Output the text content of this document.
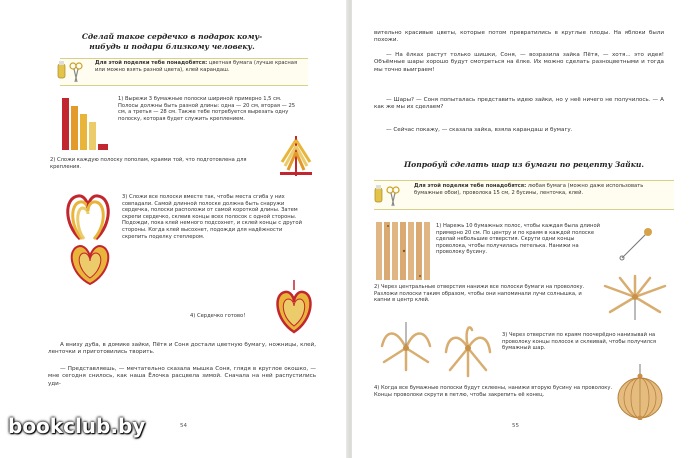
Сделай такое сердечко в подарок кому-нибудь и подари близкому человеку.
Для этой поделки тебе понадобятся: цветная бумага (лучше красная или можно взять разной цвета), клей карандаш.
1) Вырежи 3 бумажные полоски шириной примерно 1,5 см. Полосы должны быть разной длины: одна — 20 см, вторая — 25 см, а третья — 28 см. Также тебе потребуется вырезать одну полоску, которая будет служить креплением.
2) Сложи каждую полоску пополам, краями той, что подготовлена для крепления.
3) Сложи все полоски вместе так, чтобы места сгиба у них совпадали. Самой длинной полоске должна быть снаружи сердечка, полоски расположи от самой короткой длины. Затем скрепи сердечко, склеив концы всех полосок с одной стороны. Подожди, пока клей немного подсохнет, и склей концы с другой стороны. Когда клей высохнет, подожди для надёжности скрепить поделку степлером.
4) Сердечко готово!
А внизу дуба, в домике зайки, Пётя и Соня достали цветную бумагу, ножницы, клей, ленточки и приготовились творить.
— Представляешь, — мечтательно сказала мышка Соня, глядя в круглое окошко, — мне сегодня снилось, как наша Ёлочка расцвела зимой. Сначала на ней распустились уди-
54
вительно красивые цветы, которые потом превратились в круглые плоды. На яблоки были похожи.
— На ёлках растут только шишки, Соня, — возразила зайка Пётя, — хотя... это идея! Объёмные шары хорошо будут смотреться на ёлке. Их можно сделать разноцветными и тогда мы точно выиграем!
— Шары? — Соня попыталась представить идею зайки, но у неё ничего не получилось. — А как же мы их сделаем?
— Сейчас покажу, — сказала зайка, взяла карандаш и бумагу.
Попробуй сделать шар из бумаги по рецепту Зайки.
Для этой поделки тебе понадобятся: любая бумага (можно даже использовать бумажные обои), проволока 15 см, 2 бусины, ленточка, клей.
1) Нарежь 10 бумажных полос, чтобы каждая была длиной примерно 20 см. По центру и по краям в каждой полоске сделай небольшие отверстия. Скрути одни концы проволока, чтобы получилась петелька. Нанижи на проволоку бусину.
2) Через центральные отверстия нанижи все полоски бумаги на проволоку. Разложи полоски таким образом, чтобы они напоминали лучи солнышка, и капни в центр клей.
3) Через отверстия по краям поочерёдно нанизывай на проволоку концы полосок и склеивай, чтобы получился бумажный шар.
4) Когда все бумажные полоски будут склеены, нанижи вторую бусину на проволоку. Концы проволоки скрути в петлю, чтобы закрепить её конец.
55
bookclub.by
